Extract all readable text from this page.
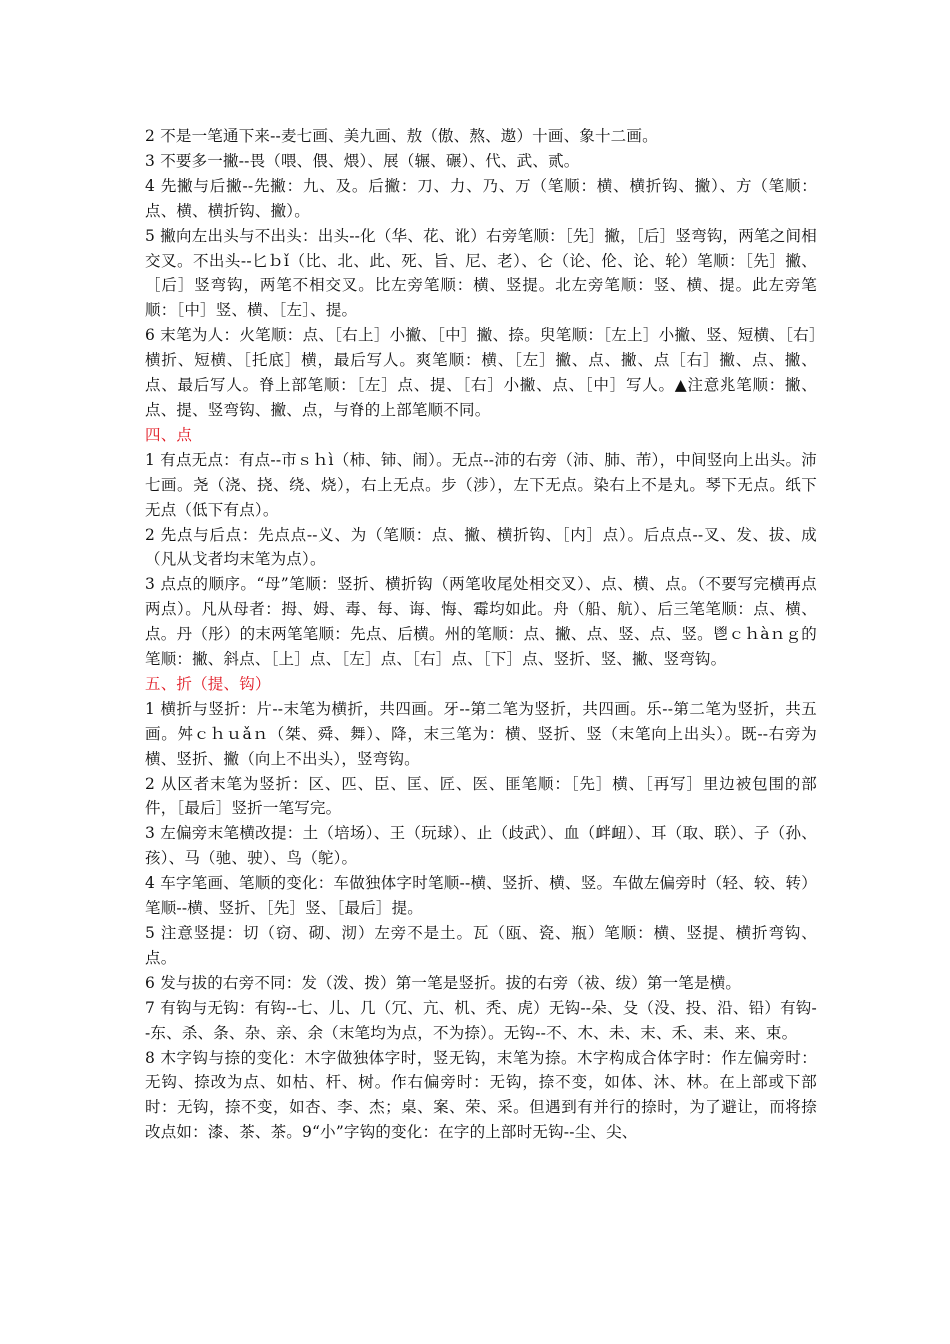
2 不是一笔通下来--麦七画、美九画、敖（傲、熬、遨）十画、象十二画。

3 不要多一撇--畏（喂、偎、煨）、展（辗、碾）、代、武、贰。

4 先撇与后撇--先撇：九、及。后撇：刀、力、乃、万（笔顺：横、横折钩、撇）、方（笔顺：点、横、横折钩、撇）。

5 撇向左出头与不出头：出头--化（华、花、讹）右旁笔顺：［先］撇，［后］竖弯钩，两笔之间相交叉。不出头--匕ｂǐ（比、北、此、死、旨、尼、老）、仑（论、伦、论、轮）笔顺：［先］撇、［后］竖弯钩，两笔不相交叉。比左旁笔顺：横、竖提。北左旁笔顺：竖、横、提。此左旁笔顺：［中］竖、横、［左］、提。

6 末笔为人：火笔顺：点、［右上］小撇、［中］撇、捺。臾笔顺：［左上］小撇、竖、短横、［右］横折、短横、［托底］横，最后写人。爽笔顺：横、［左］撇、点、撇、点［右］撇、点、撇、点、最后写人。脊上部笔顺：［左］点、提、［右］小撇、点、［中］写人。▲注意兆笔顺：撇、点、提、竖弯钩、撇、点，与脊的上部笔顺不同。

四、点

1 有点无点：有点--市ｓｈì（柿、铈、闹）。无点--沛的右旁（沛、肺、芾），中间竖向上出头。沛七画。尧（浇、挠、绕、烧），右上无点。步（涉），左下无点。染右上不是丸。琴下无点。纸下无点（低下有点）。

2 先点与后点：先点点--义、为（笔顺：点、撇、横折钩、［内］点）。后点点--叉、发、拔、成（凡从戈者均末笔为点）。

3 点点的顺序。“母”笔顺：竖折、横折钩（两笔收尾处相交叉）、点、横、点。（不要写完横再点两点）。凡从母者：拇、姆、毒、每、诲、悔、霉均如此。舟（船、航）、后三笔笔顺：点、横、点。丹（彤）的末两笔笔顺：先点、后横。州的笔顺：点、撇、点、竖、点、竖。鬯ｃｈàｎｇ的笔顺：撇、斜点、［上］点、［左］点、［右］点、［下］点、竖折、竖、撇、竖弯钩。

五、折（提、钩）

1 横折与竖折：片--末笔为横折，共四画。牙--第二笔为竖折，共四画。乐--第二笔为竖折，共五画。舛ｃｈｕǎｎ（桀、舜、舞）、降，末三笔为：横、竖折、竖（末笔向上出头）。既--右旁为横、竖折、撇（向上不出头），竖弯钩。

2 从区者末笔为竖折：区、匹、臣、匡、匠、医、匪笔顺：［先］横、［再写］里边被包围的部件，［最后］竖折一笔写完。

3 左偏旁末笔横改提：土（培场）、王（玩球）、止（歧武）、血（衅衄）、耳（取、联）、子（孙、孩）、马（驰、驶）、鸟（鸵）。

4 车字笔画、笔顺的变化：车做独体字时笔顺--横、竖折、横、竖。车做左偏旁时（轻、较、转）笔顺--横、竖折、［先］竖、［最后］提。

5 注意竖提：切（窃、砌、沏）左旁不是土。瓦（瓯、瓷、瓶）笔顺：横、竖提、横折弯钩、点。

6 发与拔的右旁不同：发（泼、拨）第一笔是竖折。拔的右旁（祓、绂）第一笔是横。

7 有钩与无钩：有钩--七、儿、几（冗、亢、机、秃、虎）无钩--朵、殳（没、投、沿、铅）有钩--东、杀、条、杂、亲、余（末笔均为点，不为捺）。无钩--不、木、未、末、禾、耒、来、束。

8 木字钩与捺的变化：木字做独体字时，竖无钩，末笔为捺。木字构成合体字时：作左偏旁时：无钩、捺改为点、如枯、杆、树。作右偏旁时：无钩，捺不变，如体、沐、林。在上部或下部时：无钩，捺不变，如杏、李、杰；桌、案、荣、采。但遇到有并行的捺时，为了避让，而将捺改点如：漆、茶、茶。9“小”字钩的变化：在字的上部时无钩--尘、尖、
